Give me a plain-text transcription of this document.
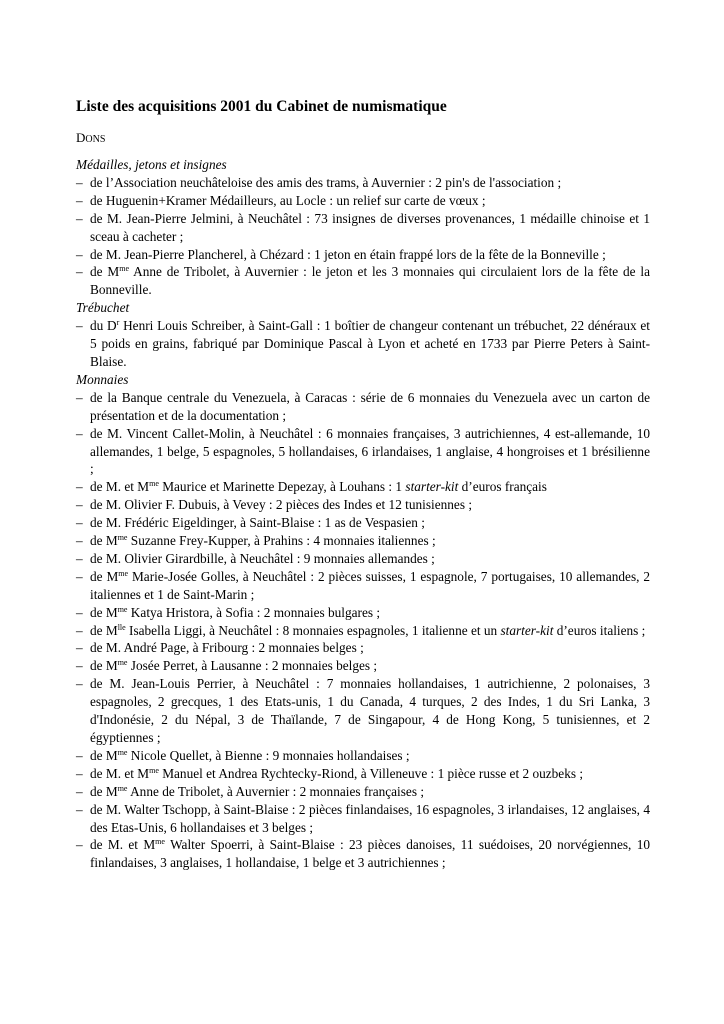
Liste des acquisitions 2001 du Cabinet de numismatique
DONS
Médailles, jetons et insignes
– de l’Association neuchâteloise des amis des trams, à Auvernier : 2 pin's de l'association ;
– de Huguenin+Kramer Médailleurs, au Locle : un relief sur carte de vœux ;
– de M. Jean-Pierre Jelmini, à Neuchâtel : 73 insignes de diverses provenances, 1 médaille chinoise et 1 sceau à cacheter ;
– de M. Jean-Pierre Plancherel, à Chézard : 1 jeton en étain frappé lors de la fête de la Bonneville ;
– de $M^{me}$ Anne de Tribolet, à Auvernier : le jeton et les 3 monnaies qui circulaient lors de la fête de la Bonneville.
Trébuchet
– du $D^r$ Henri Louis Schreiber, à Saint-Gall : 1 boîtier de changeur contenant un trébuchet, 22 dénéraux et 5 poids en grains, fabriqué par Dominique Pascal à Lyon et acheté en 1733 par Pierre Peters à Saint-Blaise.
Monnaies
– de la Banque centrale du Venezuela, à Caracas : série de 6 monnaies du Venezuela avec un carton de présentation et de la documentation ;
– de M. Vincent Callet-Molin, à Neuchâtel : 6 monnaies françaises, 3 autrichiennes, 4 est-allemande, 10 allemandes, 1 belge, 5 espagnoles, 5 hollandaises, 6 irlandaises, 1 anglaise, 4 hongroises et 1 brésilienne ;
– de M. et $M^{me}$ Maurice et Marinette Depezay, à Louhans : 1 starter-kit d’euros français
– de M. Olivier F. Dubuis, à Vevey : 2 pièces des Indes et 12 tunisiennes ;
– de M. Frédéric Eigeldinger, à Saint-Blaise : 1 as de Vespasien ;
– de $M^{me}$ Suzanne Frey-Kupper, à Prahins : 4 monnaies italiennes ;
– de M. Olivier Girardbille, à Neuchâtel : 9 monnaies allemandes ;
– de $M^{me}$ Marie-Josée Golles, à Neuchâtel : 2 pièces suisses, 1 espagnole, 7 portugaises, 10 allemandes, 2 italiennes et 1 de Saint-Marin ;
– de $M^{me}$ Katya Hristora, à Sofia : 2 monnaies bulgares ;
– de $M^{lle}$ Isabella Liggi, à Neuchâtel : 8 monnaies espagnoles, 1 italienne et un starter-kit d’euros italiens ;
– de M. André Page, à Fribourg : 2 monnaies belges ;
– de $M^{me}$ Josée Perret, à Lausanne : 2 monnaies belges ;
– de M. Jean-Louis Perrier, à Neuchâtel : 7 monnaies hollandaises, 1 autrichienne, 2 polonaises, 3 espagnoles, 2 grecques, 1 des Etats-unis, 1 du Canada, 4 turques, 2 des Indes, 1 du Sri Lanka, 3 d'Indonésie, 2 du Népal, 3 de Thaïlande, 7 de Singapour, 4 de Hong Kong, 5 tunisiennes, et 2 égyptiennes ;
– de $M^{me}$ Nicole Quellet, à Bienne : 9 monnaies hollandaises ;
– de M. et $M^{me}$ Manuel et Andrea Rychtecky-Riond, à Villeneuve : 1 pièce russe et 2 ouzbeks ;
– de $M^{me}$ Anne de Tribolet, à Auvernier : 2 monnaies françaises ;
– de M. Walter Tschopp, à Saint-Blaise : 2 pièces finlandaises, 16 espagnoles, 3 irlandaises, 12 anglaises, 4 des Etas-Unis, 6 hollandaises et 3 belges ;
– de M. et $M^{me}$ Walter Spoerri, à Saint-Blaise : 23 pièces danoises, 11 suédoises, 20 norvégiennes, 10 finlandaises, 3 anglaises, 1 hollandaise, 1 belge et 3 autrichiennes ;
